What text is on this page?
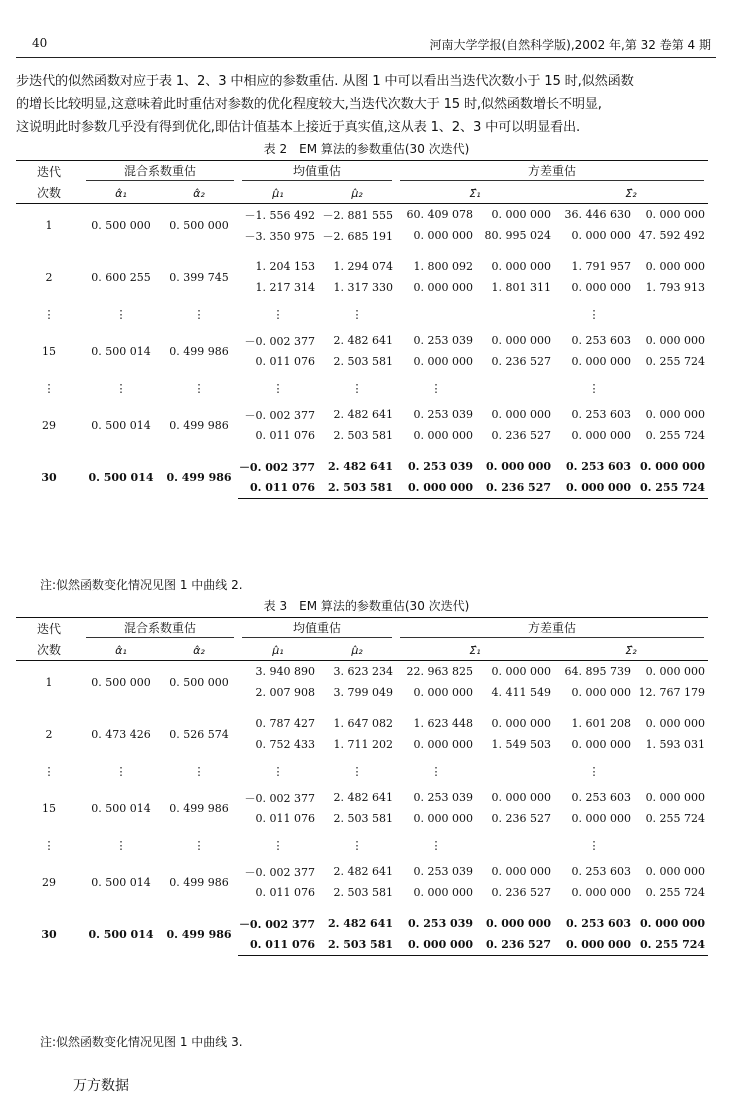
40	河南大学学报(自然科学版),2002 年,第 32 卷第 4 期
步迭代的似然函数对应于表 1、2、3 中相应的参数重估. 从图 1 中可以看出当迭代次数小于 15 时,似然函数
的增长比较明显,这意味着此时重估对参数的优化程度较大,当迭代次数大于 15 时,似然函数增长不明显,
这说明此时参数几乎没有得到优化,即估计值基本上接近于真实值,这从表 1、2、3 中可以明显看出.
表 2　EM 算法的参数重估(30 次迭代)
迭代	混合系数重估		均值重估		方差重估			

次数	α̂₁	α̂₂	μ̂₁	μ̂₂	Σ̂₁		Σ̂₂	
1	0. 500 000	0. 500 000	－1. 556 492	－2. 881 555	60. 409 078	0. 000 000	36. 446 630	0. 000 000
			－3. 350 975	－2. 685 191	0. 000 000	80. 995 024	0. 000 000	47. 592 492

2	0. 600 255	0. 399 745	1. 204 153	1. 294 074	1. 800 092	0. 000 000	1. 791 957	0. 000 000
			1. 217 314	1. 317 330	0. 000 000	1. 801 311	0. 000 000	1. 793 913
⋮	⋮	⋮	⋮	⋮			⋮	
15	0. 500 014	0. 499 986	－0. 002 377	2. 482 641	0. 253 039	0. 000 000	0. 253 603	0. 000 000
			0. 011 076	2. 503 581	0. 000 000	0. 236 527	0. 000 000	0. 255 724
⋮	⋮	⋮	⋮	⋮	⋮		⋮	
29	0. 500 014	0. 499 986	－0. 002 377	2. 482 641	0. 253 039	0. 000 000	0. 253 603	0. 000 000
			0. 011 076	2. 503 581	0. 000 000	0. 236 527	0. 000 000	0. 255 724

30	0. 500 014	0. 499 986	－0. 002 377	2. 482 641	0. 253 039	0. 000 000	0. 253 603	0. 000 000
			0. 011 076	2. 503 581	0. 000 000	0. 236 527	0. 000 000	0. 255 724
注:似然函数变化情况见图 1 中曲线 2.
表 3　EM 算法的参数重估(30 次迭代)
迭代	混合系数重估		均值重估		方差重估			

次数	α̂₁	α̂₂	μ̂₁	μ̂₂	Σ̂₁		Σ̂₂	
1	0. 500 000	0. 500 000	3. 940 890	3. 623 234	22. 963 825	0. 000 000	64. 895 739	0. 000 000
			2. 007 908	3. 799 049	0. 000 000	4. 411 549	0. 000 000	12. 767 179

2	0. 473 426	0. 526 574	0. 787 427	1. 647 082	1. 623 448	0. 000 000	1. 601 208	0. 000 000
			0. 752 433	1. 711 202	0. 000 000	1. 549 503	0. 000 000	1. 593 031
⋮	⋮	⋮	⋮	⋮	⋮		⋮	
15	0. 500 014	0. 499 986	－0. 002 377	2. 482 641	0. 253 039	0. 000 000	0. 253 603	0. 000 000
			0. 011 076	2. 503 581	0. 000 000	0. 236 527	0. 000 000	0. 255 724
⋮	⋮	⋮	⋮	⋮	⋮		⋮	
29	0. 500 014	0. 499 986	－0. 002 377	2. 482 641	0. 253 039	0. 000 000	0. 253 603	0. 000 000
			0. 011 076	2. 503 581	0. 000 000	0. 236 527	0. 000 000	0. 255 724

30	0. 500 014	0. 499 986	－0. 002 377	2. 482 641	0. 253 039	0. 000 000	0. 253 603	0. 000 000
			0. 011 076	2. 503 581	0. 000 000	0. 236 527	0. 000 000	0. 255 724
注:似然函数变化情况见图 1 中曲线 3.
万方数据
